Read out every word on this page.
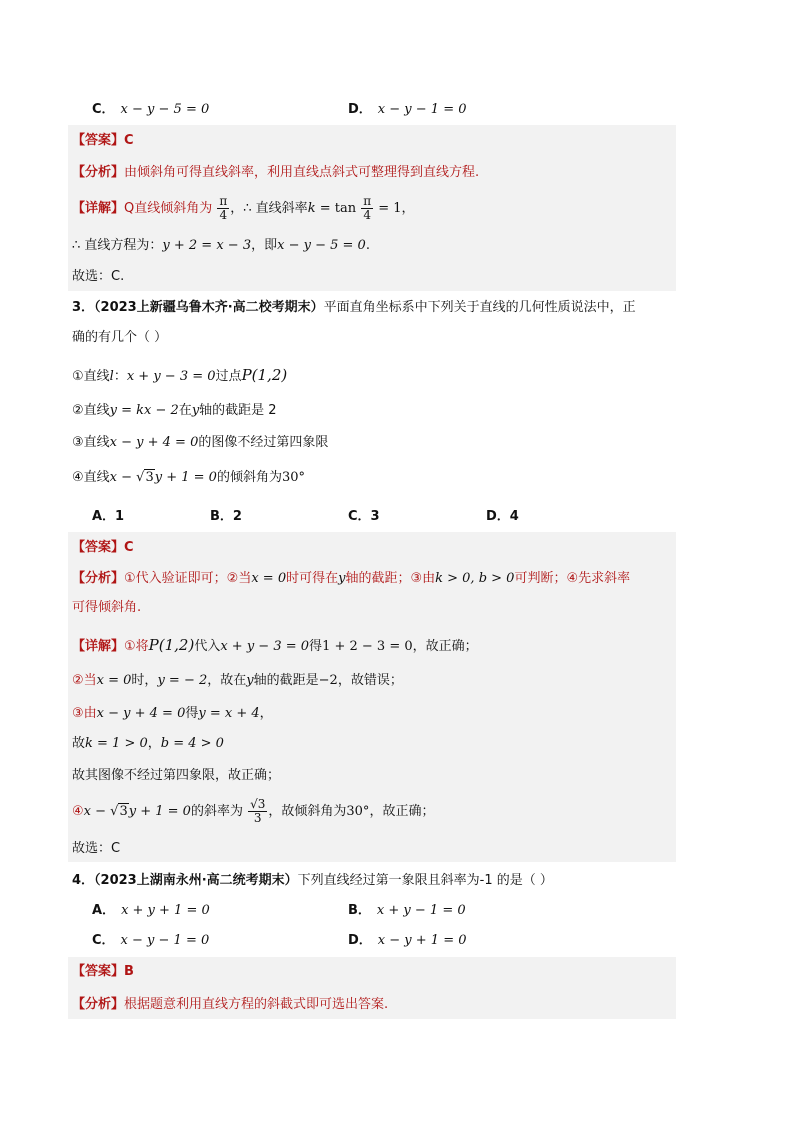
C． x − y − 5 = 0	D． x − y − 1 = 0
【答案】C
【分析】由倾斜角可得直线斜率，利用直线点斜式可整理得到直线方程.
【详解】Q直线倾斜角为 $\frac{\pi}{4}$ ，∴ 直线斜率$k = \tan \frac{\pi}{4} = 1$，
∴ 直线方程为：y + 2 = x − 3，即x − y − 5 = 0.
故选：C.
3．（2023上新疆乌鲁木齐·高二校考期末）平面直角坐标系中下列关于直线的几何性质说法中，正
确的有几个（ ）
①直线l：x + y − 3 = 0过点P(1,2)
②直线y = kx − 2在y轴的截距是 2
③直线x − y + 4 = 0的图像不经过第四象限
④直线x − √3y + 1 = 0的倾斜角为30°
A．1	B．2	C．3	D．4
【答案】C
【分析】①代入验证即可；②当x = 0时可得在y轴的截距；③由k > 0, b > 0可判断；④先求斜率
可得倾斜角.
【详解】①将P(1,2)代入x + y − 3 = 0得1 + 2 − 3 = 0，故正确；
②当x = 0时，y = − 2，故在y轴的截距是−2，故错误；
③由x − y + 4 = 0得y = x + 4，
故k = 1 > 0，b = 4 > 0
故其图像不经过第四象限，故正确；
④x − √3y + 1 = 0的斜率为 $\frac{√3}{3}$ ，故倾斜角为30°，故正确；
故选：C
4．（2023上湖南永州·高二统考期末）下列直线经过第一象限且斜率为-1 的是（ ）
A． x + y + 1 = 0	B． x + y − 1 = 0
C． x − y − 1 = 0	D． x − y + 1 = 0
【答案】B
【分析】根据题意利用直线方程的斜截式即可选出答案.
